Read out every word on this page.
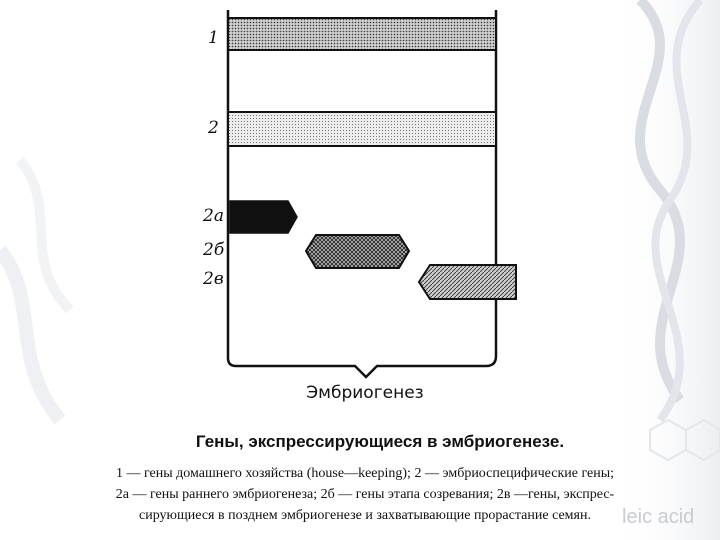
1
2
2а
2б
2в
Эмбриогенез
Гены, экспрессирующиеся в эмбриогенезе.
1 — гены домашнего хозяйства (house—keeping); 2 — эмбриоспецифические гены;
2а — гены раннего эмбриогенеза; 2б — гены этапа созревания; 2в —гены, экспрес-
сирующиеся в позднем эмбриогенезе и захватывающие прорастание семян.	leic acid
